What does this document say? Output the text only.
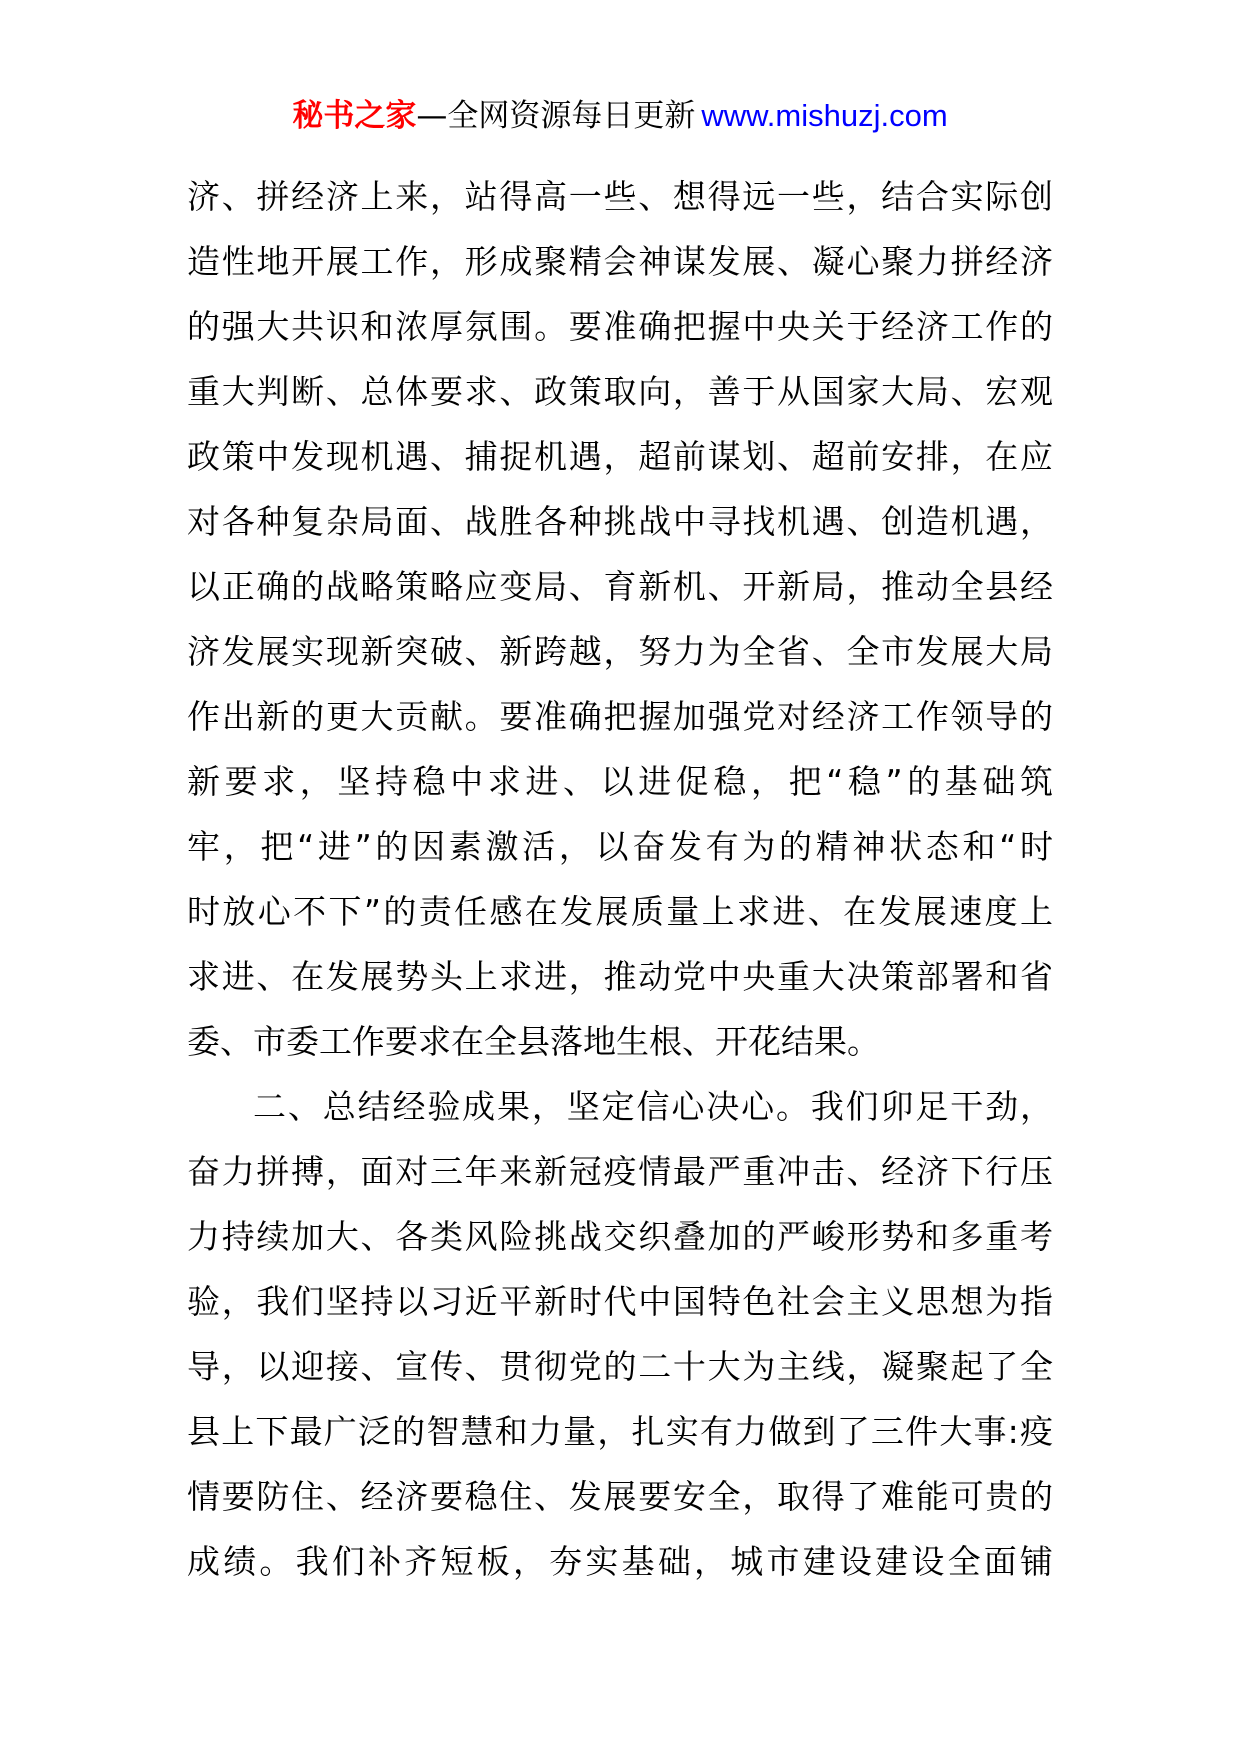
秘书之家—全网资源每日更新 www.mishuzj.com
济、拼经济上来，站得高一些、想得远一些，结合实际创
造性地开展工作，形成聚精会神谋发展、凝心聚力拼经济
的强大共识和浓厚氛围。要准确把握中央关于经济工作的
重大判断、总体要求、政策取向，善于从国家大局、宏观
政策中发现机遇、捕捉机遇，超前谋划、超前安排，在应
对各种复杂局面、战胜各种挑战中寻找机遇、创造机遇，
以正确的战略策略应变局、育新机、开新局，推动全县经
济发展实现新突破、新跨越，努力为全省、全市发展大局
作出新的更大贡献。要准确把握加强党对经济工作领导的
新要求，坚持稳中求进、以进促稳，把“稳”的基础筑
牢，把“进”的因素激活，以奋发有为的精神状态和“时
时放心不下”的责任感在发展质量上求进、在发展速度上
求进、在发展势头上求进，推动党中央重大决策部署和省
委、市委工作要求在全县落地生根、开花结果。
二、总结经验成果，坚定信心决心。我们卯足干劲，
奋力拼搏，面对三年来新冠疫情最严重冲击、经济下行压
力持续加大、各类风险挑战交织叠加的严峻形势和多重考
验，我们坚持以习近平新时代中国特色社会主义思想为指
导，以迎接、宣传、贯彻党的二十大为主线，凝聚起了全
县上下最广泛的智慧和力量，扎实有力做到了三件大事:疫
情要防住、经济要稳住、发展要安全，取得了难能可贵的
成绩。我们补齐短板，夯实基础，城市建设建设全面铺
